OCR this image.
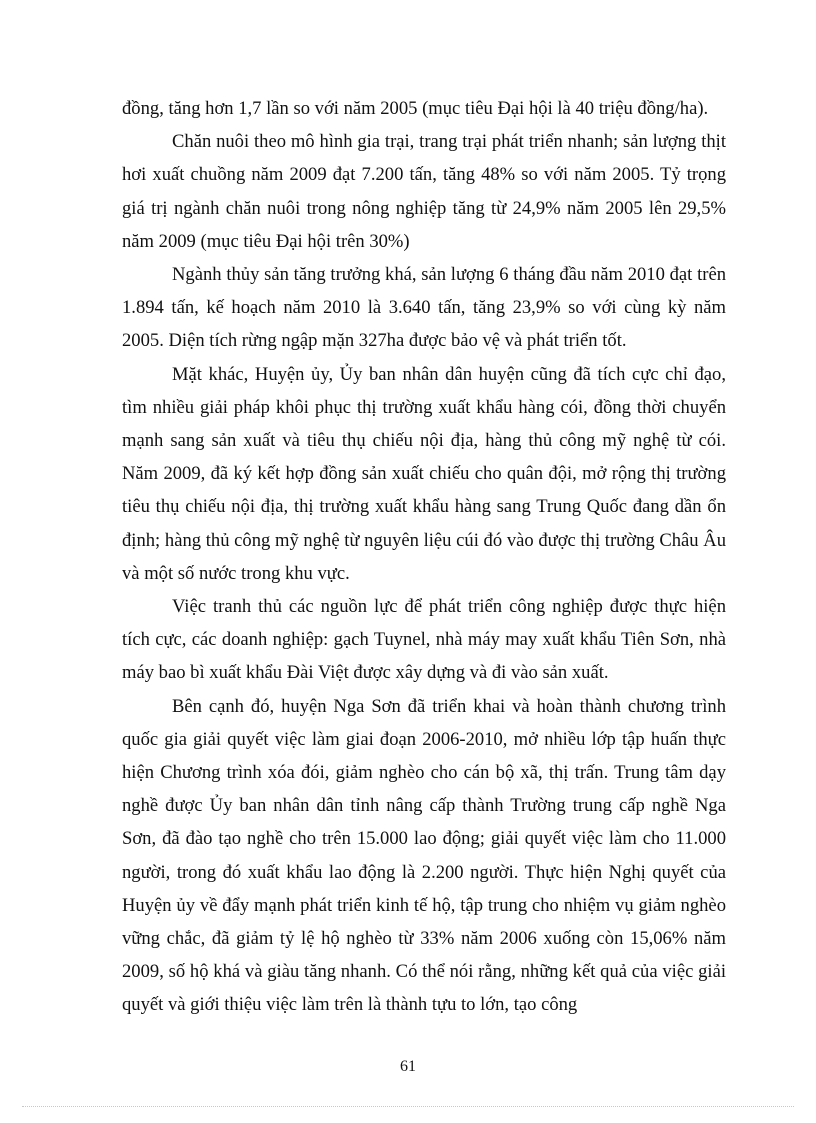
đồng, tăng hơn 1,7 lần so với năm 2005 (mục tiêu Đại hội là 40 triệu đồng/ha).

Chăn nuôi theo mô hình gia trại, trang trại phát triển nhanh; sản lượng thịt hơi xuất chuồng năm 2009 đạt 7.200 tấn, tăng 48% so với năm 2005. Tỷ trọng giá trị ngành chăn nuôi trong nông nghiệp tăng từ 24,9% năm 2005 lên 29,5% năm 2009 (mục tiêu Đại hội trên 30%)

Ngành thủy sản tăng trưởng khá, sản lượng 6 tháng đầu năm 2010 đạt trên 1.894 tấn, kế hoạch năm 2010 là 3.640 tấn, tăng 23,9% so với cùng kỳ năm 2005. Diện tích rừng ngập mặn 327ha được bảo vệ và phát triển tốt.

Mặt khác, Huyện ủy, Ủy ban nhân dân huyện cũng đã tích cực chỉ đạo, tìm nhiều giải pháp khôi phục thị trường xuất khẩu hàng cói, đồng thời chuyển mạnh sang sản xuất và tiêu thụ chiếu nội địa, hàng thủ công mỹ nghệ từ cói. Năm 2009, đã ký kết hợp đồng sản xuất chiếu cho quân đội, mở rộng thị trường tiêu thụ chiếu nội địa, thị trường xuất khẩu hàng sang Trung Quốc đang dần ổn định; hàng thủ công mỹ nghệ từ nguyên liệu cúi đó vào được thị trường Châu Âu và một số nước trong khu vực.

Việc tranh thủ các nguồn lực để phát triển công nghiệp được thực hiện tích cực, các doanh nghiệp: gạch Tuynel, nhà máy may xuất khẩu Tiên Sơn, nhà máy bao bì xuất khẩu Đài Việt được xây dựng và đi vào sản xuất.

Bên cạnh đó, huyện Nga Sơn đã triển khai và hoàn thành chương trình quốc gia giải quyết việc làm giai đoạn 2006-2010, mở nhiều lớp tập huấn thực hiện Chương trình xóa đói, giảm nghèo cho cán bộ xã, thị trấn. Trung tâm dạy nghề được Ủy ban nhân dân tỉnh nâng cấp thành Trường trung cấp nghề Nga Sơn, đã đào tạo nghề cho trên 15.000 lao động; giải quyết việc làm cho 11.000 người, trong đó xuất khẩu lao động là 2.200 người. Thực hiện Nghị quyết của Huyện ủy về đẩy mạnh phát triển kinh tế hộ, tập trung cho nhiệm vụ giảm nghèo vững chắc, đã giảm tỷ lệ hộ nghèo từ 33% năm 2006 xuống còn 15,06% năm 2009, số hộ khá và giàu tăng nhanh. Có thể nói rằng, những kết quả của việc giải quyết và giới thiệu việc làm trên là thành tựu to lớn, tạo công

61
